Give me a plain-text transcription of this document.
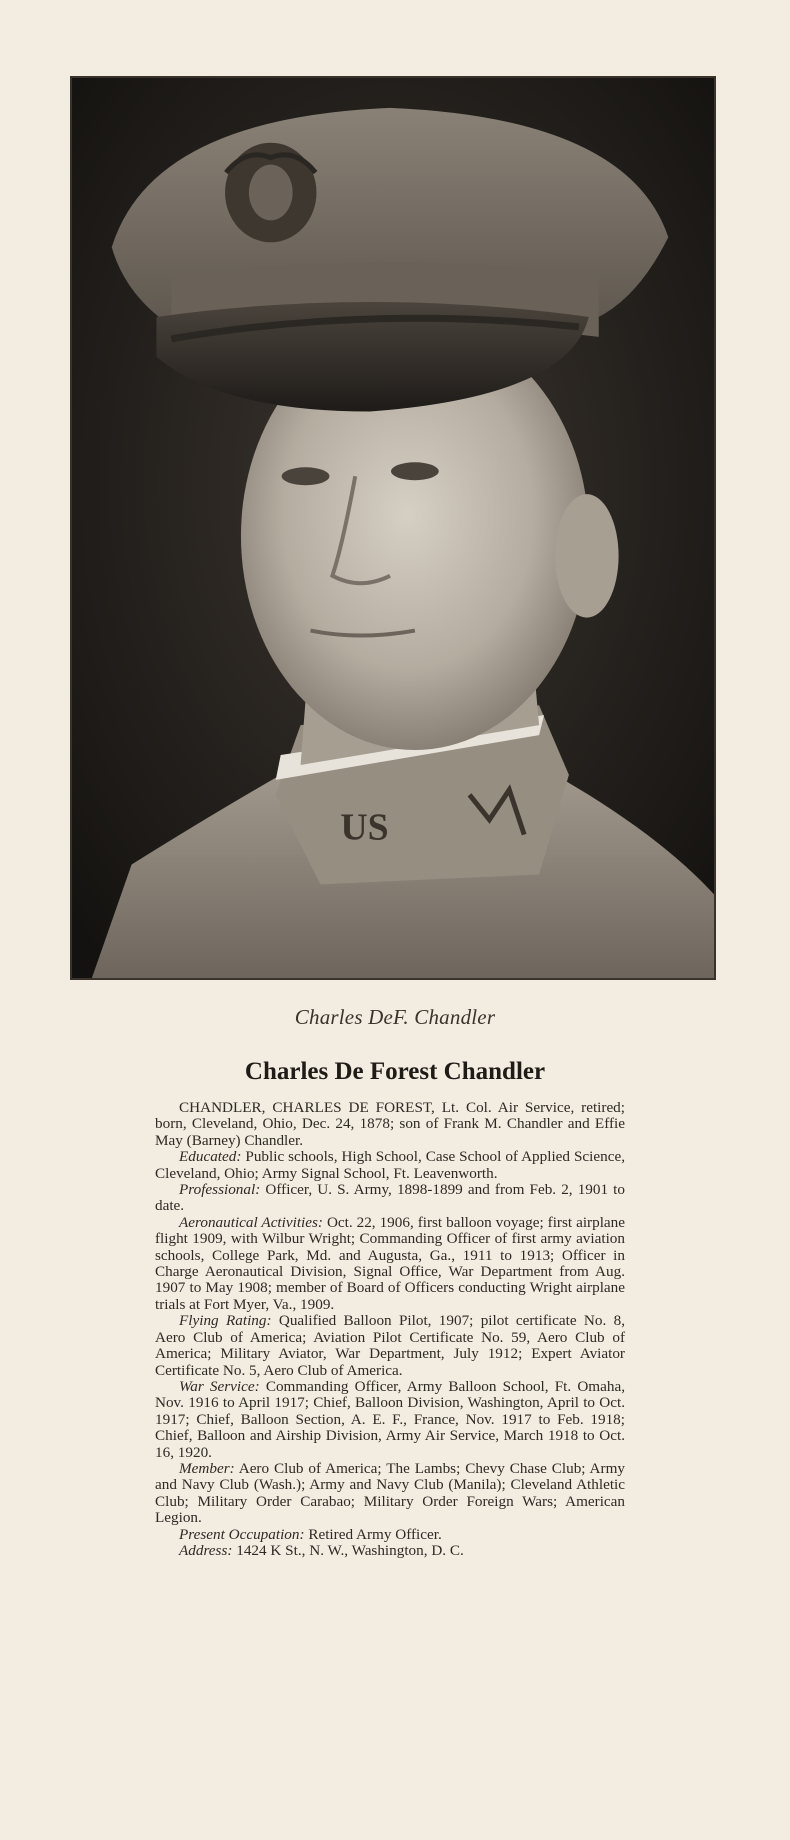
US
Charles DeF. Chandler
Charles De Forest Chandler

CHANDLER, CHARLES DE FOREST, Lt. Col. Air Service, retired; born, Cleveland, Ohio, Dec. 24, 1878; son of Frank M. Chandler and Effie May (Barney) Chandler.

Educated: Public schools, High School, Case School of Applied Science, Cleveland, Ohio; Army Signal School, Ft. Leavenworth.

Professional: Officer, U. S. Army, 1898-1899 and from Feb. 2, 1901 to date.

Aeronautical Activities: Oct. 22, 1906, first balloon voyage; first airplane flight 1909, with Wilbur Wright; Commanding Officer of first army aviation schools, College Park, Md. and Augusta, Ga., 1911 to 1913; Officer in Charge Aeronautical Division, Signal Office, War Department from Aug. 1907 to May 1908; member of Board of Officers conducting Wright airplane trials at Fort Myer, Va., 1909.

Flying Rating: Qualified Balloon Pilot, 1907; pilot certificate No. 8, Aero Club of America; Aviation Pilot Certificate No. 59, Aero Club of America; Military Aviator, War Department, July 1912; Expert Aviator Certificate No. 5, Aero Club of America.

War Service: Commanding Officer, Army Balloon School, Ft. Omaha, Nov. 1916 to April 1917; Chief, Balloon Division, Washington, April to Oct. 1917; Chief, Balloon Section, A. E. F., France, Nov. 1917 to Feb. 1918; Chief, Balloon and Airship Division, Army Air Service, March 1918 to Oct. 16, 1920.

Member: Aero Club of America; The Lambs; Chevy Chase Club; Army and Navy Club (Wash.); Army and Navy Club (Manila); Cleveland Athletic Club; Military Order Carabao; Military Order Foreign Wars; American Legion.

Present Occupation: Retired Army Officer.

Address: 1424 K St., N. W., Washington, D. C.
